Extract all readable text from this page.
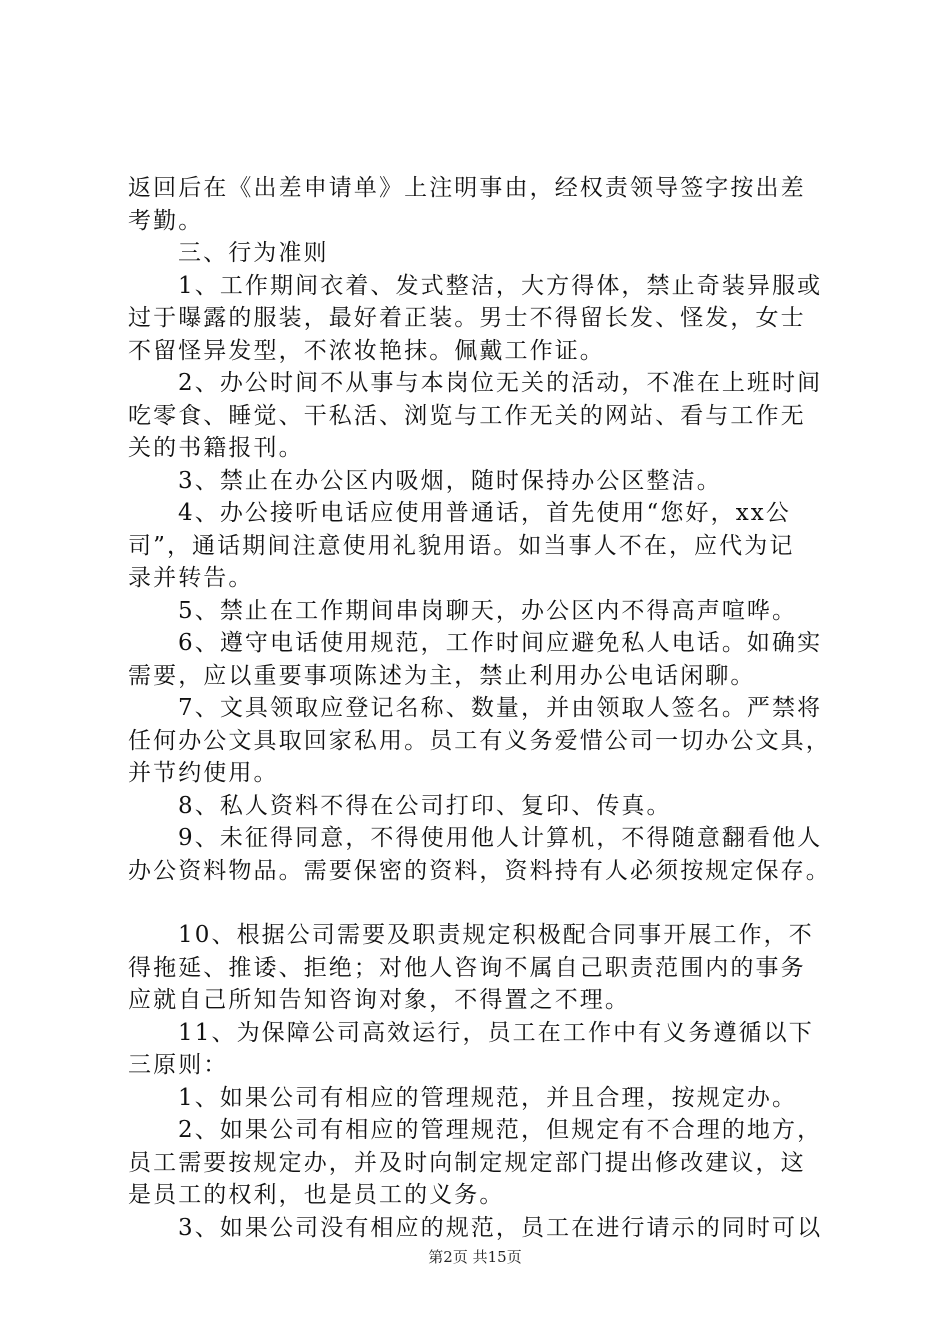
返回后在《出差申请单》上注明事由，经权责领导签字按出差
考勤。
三、行为准则
1、工作期间衣着、发式整洁，大方得体，禁止奇装异服或
过于曝露的服装，最好着正装。男士不得留长发、怪发，女士
不留怪异发型，不浓妆艳抹。佩戴工作证。
2、办公时间不从事与本岗位无关的活动，不准在上班时间
吃零食、睡觉、干私活、浏览与工作无关的网站、看与工作无
关的书籍报刊。
3、禁止在办公区内吸烟，随时保持办公区整洁。
4、办公接听电话应使用普通话，首先使用“您好，xx公
司”，通话期间注意使用礼貌用语。如当事人不在，应代为记
录并转告。
5、禁止在工作期间串岗聊天，办公区内不得高声喧哗。
6、遵守电话使用规范，工作时间应避免私人电话。如确实
需要，应以重要事项陈述为主，禁止利用办公电话闲聊。
7、文具领取应登记名称、数量，并由领取人签名。严禁将
任何办公文具取回家私用。员工有义务爱惜公司一切办公文具，
并节约使用。
8、私人资料不得在公司打印、复印、传真。
9、未征得同意，不得使用他人计算机，不得随意翻看他人
办公资料物品。需要保密的资料，资料持有人必须按规定保存。
10、根据公司需要及职责规定积极配合同事开展工作，不
得拖延、推诿、拒绝；对他人咨询不属自己职责范围内的事务
应就自己所知告知咨询对象，不得置之不理。
11、为保障公司高效运行，员工在工作中有义务遵循以下
三原则：
1、如果公司有相应的管理规范，并且合理，按规定办。
2、如果公司有相应的管理规范，但规定有不合理的地方，
员工需要按规定办，并及时向制定规定部门提出修改建议，这
是员工的权利，也是员工的义务。
3、如果公司没有相应的规范，员工在进行请示的同时可以
第2页 共15页
